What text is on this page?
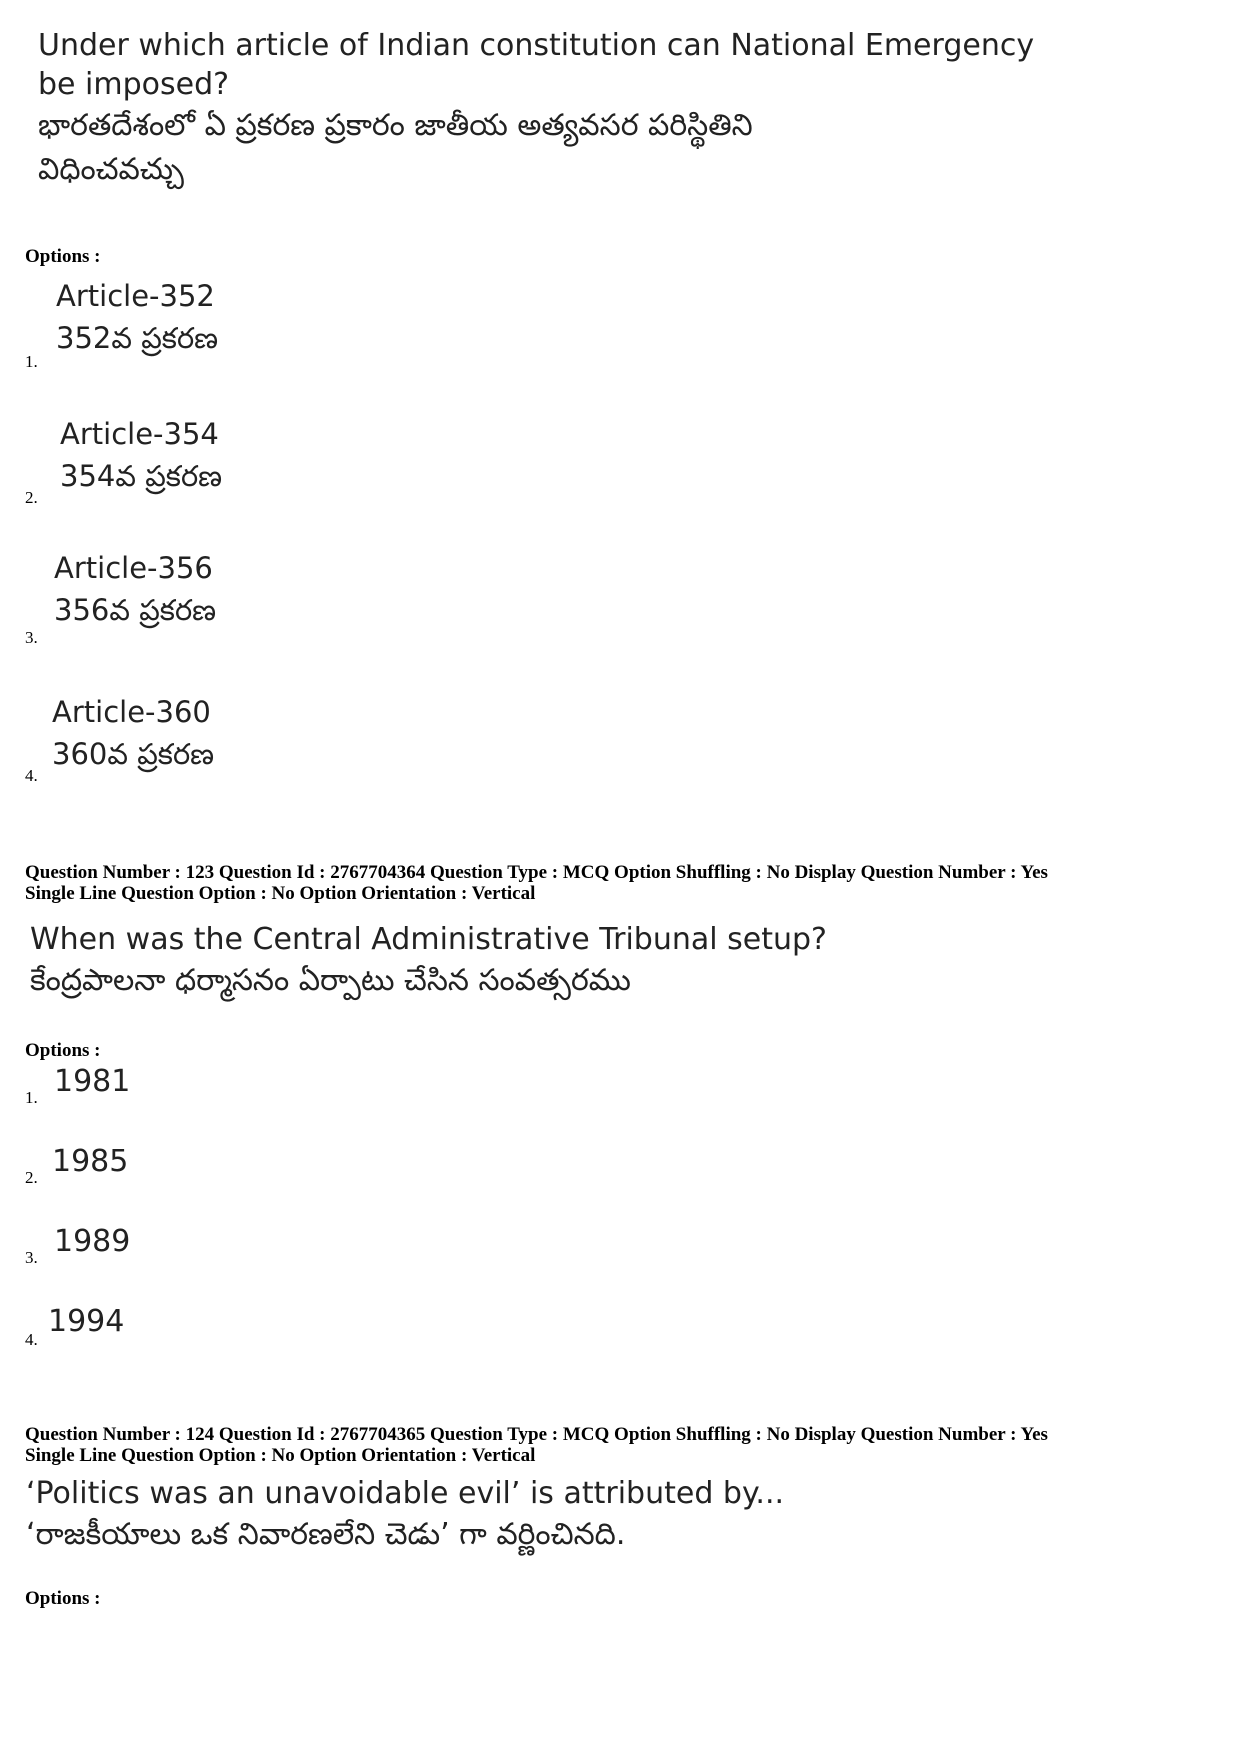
Under which article of Indian constitution can National Emergency
be imposed?
భారతదేశంలో ఏ ప్రకరణ ప్రకారం జాతీయ అత్యవసర పరిస్థితిని
విధించవచ్చు
Options :
Article-352
352వ ప్రకరణ
1.
Article-354
354వ ప్రకరణ
2.
Article-356
356వ ప్రకరణ
3.
Article-360
360వ ప్రకరణ
4.
Question Number : 123 Question Id : 2767704364 Question Type : MCQ Option Shuffling : No Display Question Number : Yes
Single Line Question Option : No Option Orientation : Vertical
When was the Central Administrative Tribunal setup?
కేంద్రపాలనా ధర్మాసనం ఏర్పాటు చేసిన సంవత్సరము
Options :
1. 1981
2. 1985
3. 1989
4.
1994
Question Number : 124 Question Id : 2767704365 Question Type : MCQ Option Shuffling : No Display Question Number : Yes
Single Line Question Option : No Option Orientation : Vertical
‘Politics was an unavoidable evil’ is attributed by...
‘రాజకీయాలు ఒక నివారణలేని చెడు’ గా వర్ణించినది.
Options :
